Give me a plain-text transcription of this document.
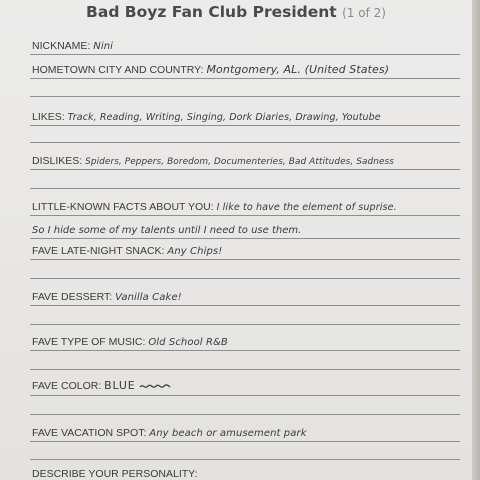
Bad Boyz Fan Club President (1 of 2)
NICKNAME: Nini
HOMETOWN CITY AND COUNTRY: Montgomery, AL. (United States)
LIKES: Track, Reading, Writing, Singing, Dork Diaries, Drawing, Youtube
DISLIKES: Spiders, Peppers, Boredom, Documenteries, Bad Attitudes, Sadness
LITTLE-KNOWN FACTS ABOUT YOU: I like to have the element of suprise.
So I hide some of my talents until I need to use them.
FAVE LATE-NIGHT SNACK: Any Chips!
FAVE DESSERT: Vanilla Cake!
FAVE TYPE OF MUSIC: Old School R&B
FAVE COLOR: BLUE
FAVE VACATION SPOT: Any beach or amusement park
DESCRIBE YOUR PERSONALITY:
